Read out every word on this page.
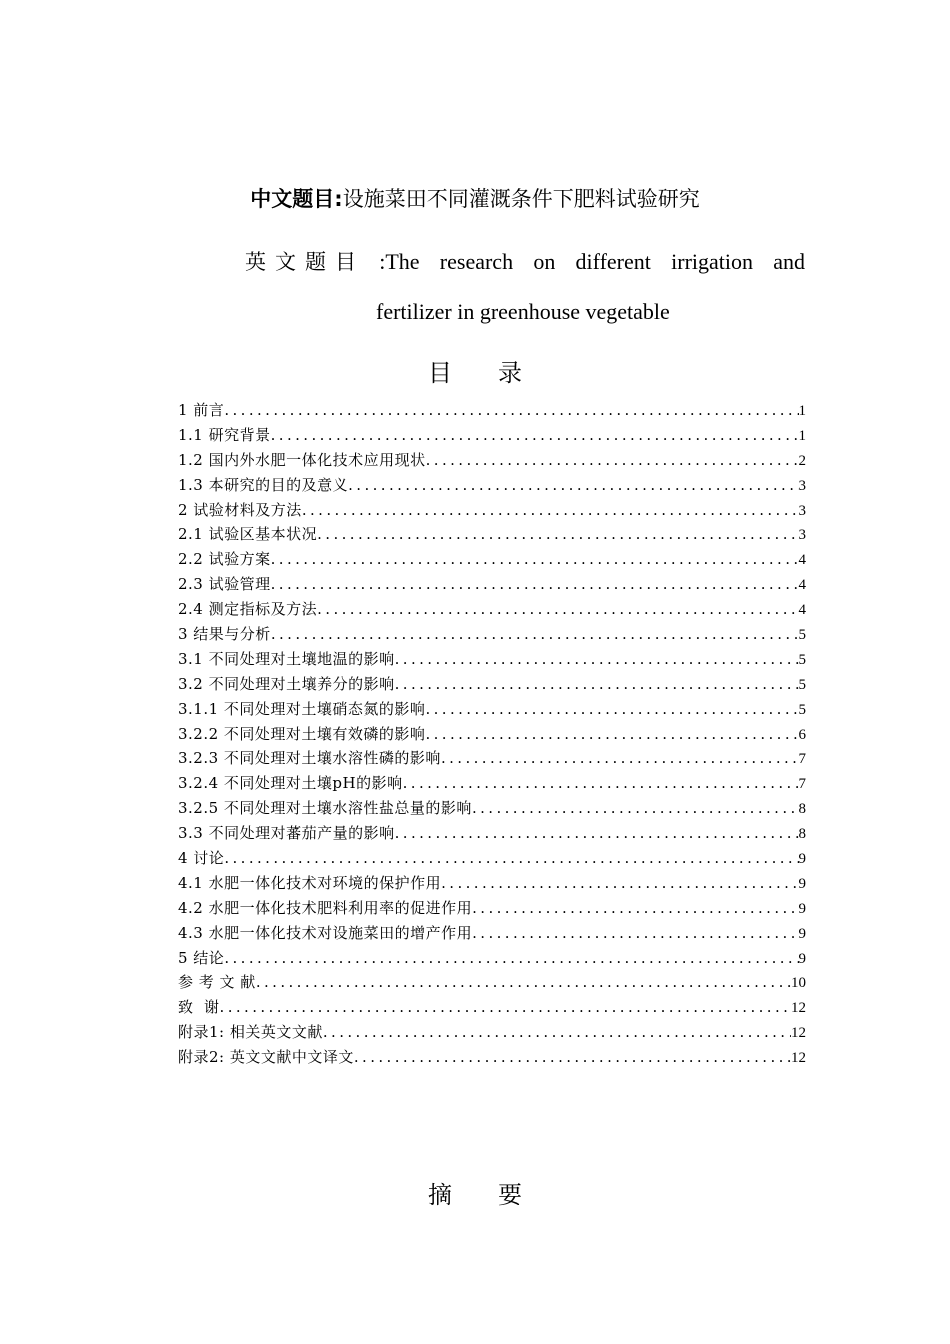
中文题目:设施菜田不同灌溉条件下肥料试验研究
英文题目 :The research on different irrigation and
fertilizer in greenhouse vegetable
目 录
1 前言 .....	1
1.1 研究背景 .....	1
1.2 国内外水肥一体化技术应用现状 .....	2
1.3 本研究的目的及意义 .....	3
2 试验材料及方法 .....	3
2.1 试验区基本状况 .....	3
2.2 试验方案 .....	4
2.3 试验管理 .....	4
2.4 测定指标及方法 .....	4
3 结果与分析 .....	5
3.1 不同处理对土壤地温的影响 .....	5
3.2 不同处理对土壤养分的影响 .....	5
3.1.1 不同处理对土壤硝态氮的影响 .....	5
3.2.2 不同处理对土壤有效磷的影响 .....	6
3.2.3 不同处理对土壤水溶性磷的影响 .....	7
3.2.4 不同处理对土壤pH的影响 .....	7
3.2.5 不同处理对土壤水溶性盐总量的影响 .....	8
3.3 不同处理对蕃茄产量的影响 .....	8
4 讨论 .....	9
4.1 水肥一体化技术对环境的保护作用 .....	9
4.2 水肥一体化技术肥料利用率的促进作用 .....	9
4.3 水肥一体化技术对设施菜田的增产作用 .....	9
5 结论 .....	9
参 考 文 献 .....	10
致  谢 .....	12
附录1: 相关英文文献 .....	12
附录2: 英文文献中文译文 .....	12
摘 要
